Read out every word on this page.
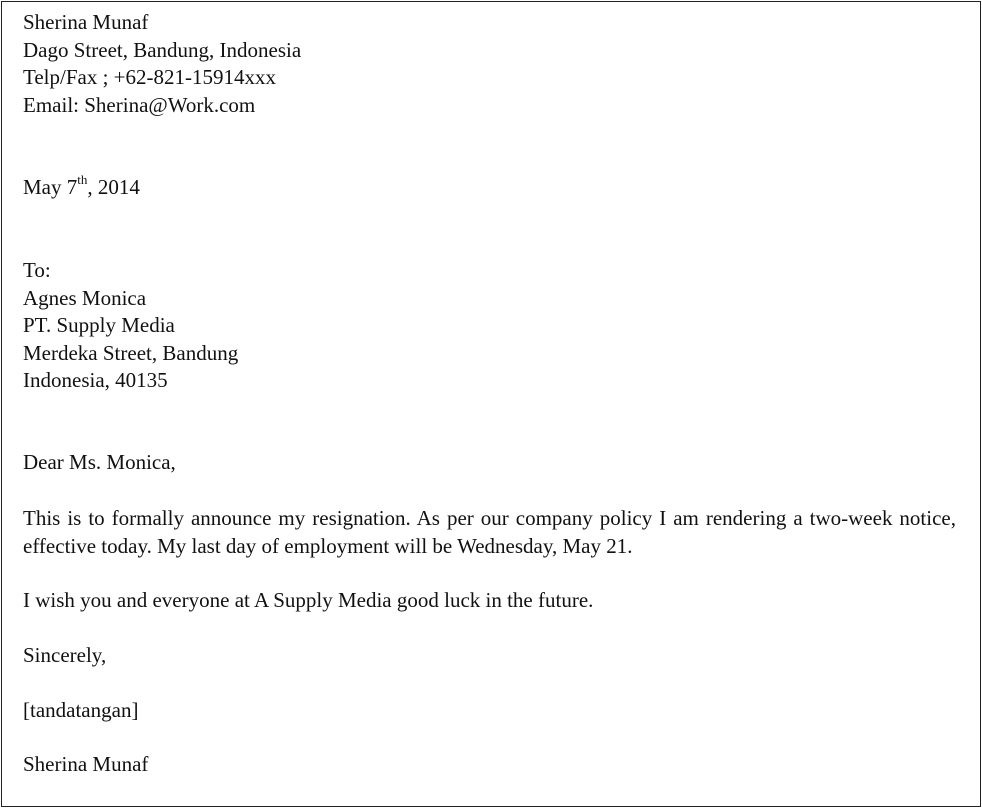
Sherina Munaf
Dago Street, Bandung, Indonesia
Telp/Fax ; +62-821-15914xxx
Email: Sherina@Work.com
May 7th, 2014
To:
Agnes Monica
PT. Supply Media
Merdeka Street, Bandung
Indonesia, 40135
Dear Ms. Monica,
This is to formally announce my resignation. As per our company policy I am rendering a two-week notice, effective today. My last day of employment will be Wednesday, May 21.
I wish you and everyone at A Supply Media good luck in the future.
Sincerely,
[tandatangan]
Sherina Munaf
